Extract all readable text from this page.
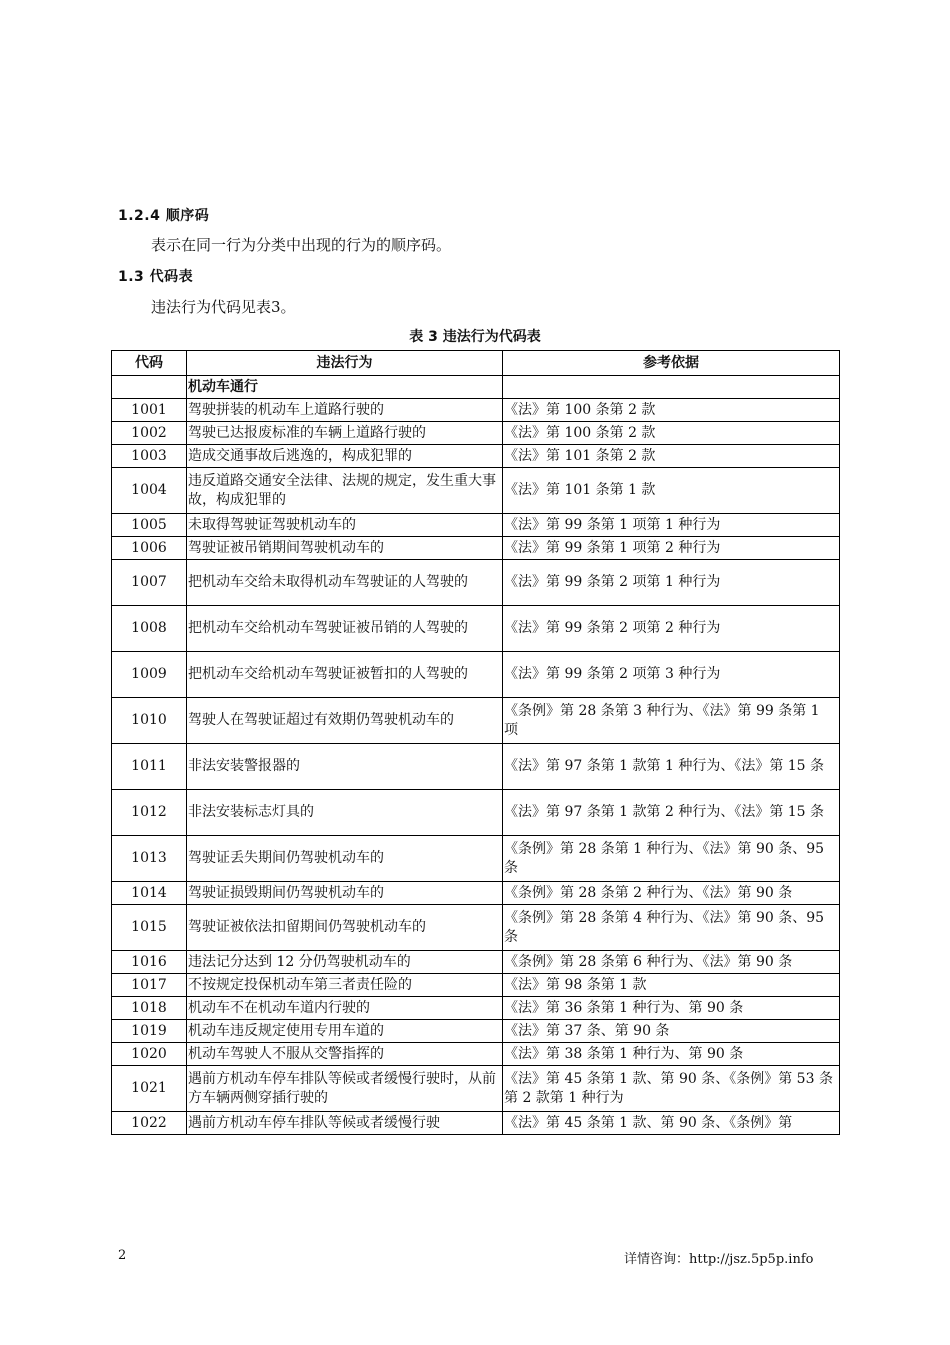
1.2.4 顺序码
表示在同一行为分类中出现的行为的顺序码。
1.3 代码表
违法行为代码见表3。
表 3 违法行为代码表
代码	违法行为	参考依据
	机动车通行	
1001	驾驶拼装的机动车上道路行驶的	《法》第 100 条第 2 款
1002	驾驶已达报废标准的车辆上道路行驶的	《法》第 100 条第 2 款
1003	造成交通事故后逃逸的，构成犯罪的	《法》第 101 条第 2 款
1004	违反道路交通安全法律、法规的规定，发生重大事故，构成犯罪的	《法》第 101 条第 1 款
1005	未取得驾驶证驾驶机动车的	《法》第 99 条第 1 项第 1 种行为
1006	驾驶证被吊销期间驾驶机动车的	《法》第 99 条第 1 项第 2 种行为
1007	把机动车交给未取得机动车驾驶证的人驾驶的	《法》第 99 条第 2 项第 1 种行为
1008	把机动车交给机动车驾驶证被吊销的人驾驶的	《法》第 99 条第 2 项第 2 种行为
1009	把机动车交给机动车驾驶证被暂扣的人驾驶的	《法》第 99 条第 2 项第 3 种行为
1010	驾驶人在驾驶证超过有效期仍驾驶机动车的	《条例》第 28 条第 3 种行为、《法》第 99 条第 1 项
1011	非法安装警报器的	《法》第 97 条第 1 款第 1 种行为、《法》第 15 条
1012	非法安装标志灯具的	《法》第 97 条第 1 款第 2 种行为、《法》第 15 条
1013	驾驶证丢失期间仍驾驶机动车的	《条例》第 28 条第 1 种行为、《法》第 90 条、95 条
1014	驾驶证损毁期间仍驾驶机动车的	《条例》第 28 条第 2 种行为、《法》第 90 条
1015	驾驶证被依法扣留期间仍驾驶机动车的	《条例》第 28 条第 4 种行为、《法》第 90 条、95 条
1016	违法记分达到 12 分仍驾驶机动车的	《条例》第 28 条第 6 种行为、《法》第 90 条
1017	不按规定投保机动车第三者责任险的	《法》第 98 条第 1 款
1018	机动车不在机动车道内行驶的	《法》第 36 条第 1 种行为、第 90 条
1019	机动车违反规定使用专用车道的	《法》第 37 条、第 90 条
1020	机动车驾驶人不服从交警指挥的	《法》第 38 条第 1 种行为、第 90 条
1021	遇前方机动车停车排队等候或者缓慢行驶时，从前方车辆两侧穿插行驶的	《法》第 45 条第 1 款、第 90 条、《条例》第 53 条第 2 款第 1 种行为
1022	遇前方机动车停车排队等候或者缓慢行驶	《法》第 45 条第 1 款、第 90 条、《条例》第
2	详情咨询：http://jsz.5p5p.info
